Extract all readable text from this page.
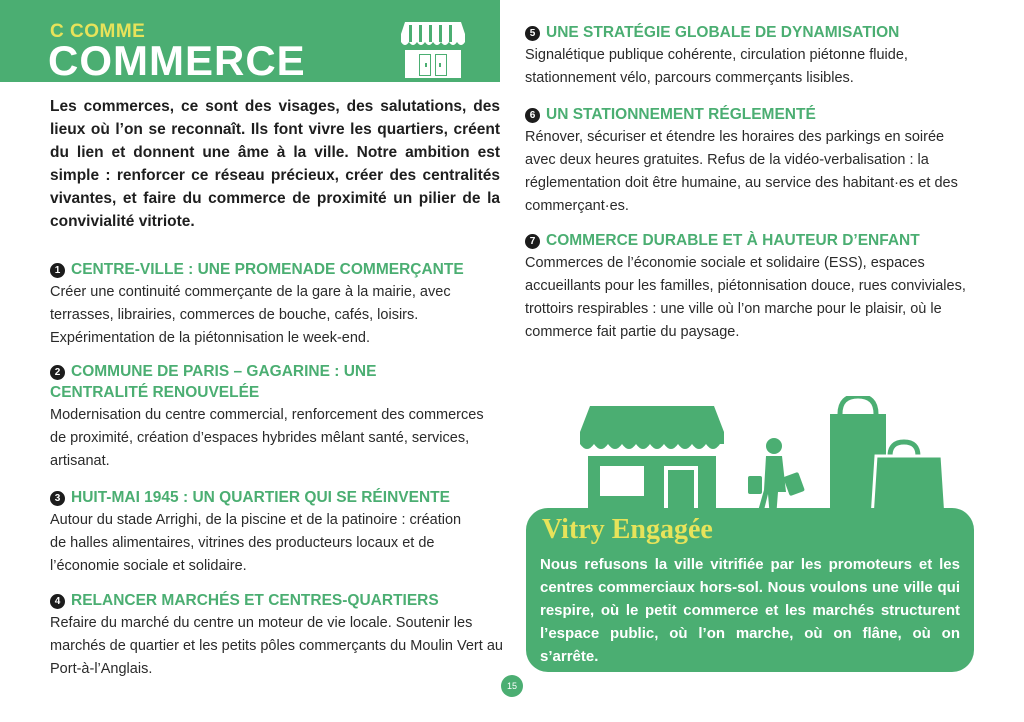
C COMME

COMMERCE

Les commerces, ce sont des visages, des salutations, des lieux où l’on se reconnaît. Ils font vivre les quartiers, créent du lien et donnent une âme à la ville. Notre ambition est simple : renforcer ce réseau précieux, créer des centralités vivantes, et faire du commerce de proximité un pilier de la convivialité vitriote.

1 CENTRE-VILLE : UNE PROMENADE COMMERÇANTE

Créer une continuité commerçante de la gare à la mairie, avec terrasses, librairies, commerces de bouche, cafés, loisirs. Expérimentation de la piétonnisation le week-end.

2 COMMUNE DE PARIS – GAGARINE : UNE CENTRALITÉ RENOUVELÉE

Modernisation du centre commercial, renforcement des commerces de proximité, création d’espaces hybrides mêlant santé, services, artisanat.

3 HUIT-MAI 1945 : UN QUARTIER QUI SE RÉINVENTE

Autour du stade Arrighi, de la piscine et de la patinoire : création de halles alimentaires, vitrines des producteurs locaux et de l’économie sociale et solidaire.

4 RELANCER MARCHÉS ET CENTRES-QUARTIERS

Refaire du marché du centre un moteur de vie locale. Soutenir les marchés de quartier et les petits pôles commerçants du Moulin Vert au Port-à-l’Anglais.

5 UNE STRATÉGIE GLOBALE DE DYNAMISATION

Signalétique publique cohérente, circulation piétonne fluide, stationnement vélo, parcours commerçants lisibles.

6 UN STATIONNEMENT RÉGLEMENTÉ

Rénover, sécuriser et étendre les horaires des parkings en soirée avec deux heures gratuites. Refus de la vidéo-verbalisation : la réglementation doit être humaine, au service des habitant·es et des commerçant·es.

7 COMMERCE DURABLE ET À HAUTEUR D’ENFANT

Commerces de l’économie sociale et solidaire (ESS), espaces accueillants pour les familles, piétonnisation douce, rues conviviales, trottoirs respirables : une ville où l’on marche pour le plaisir, où le commerce fait partie du paysage.

Vitry Engagée

Nous refusons la ville vitrifiée par les promoteurs et les centres commerciaux hors-sol. Nous voulons une ville qui respire, où le petit commerce et les marchés structurent l’espace public, où l’on marche, où on flâne, où on s’arrête.

15
